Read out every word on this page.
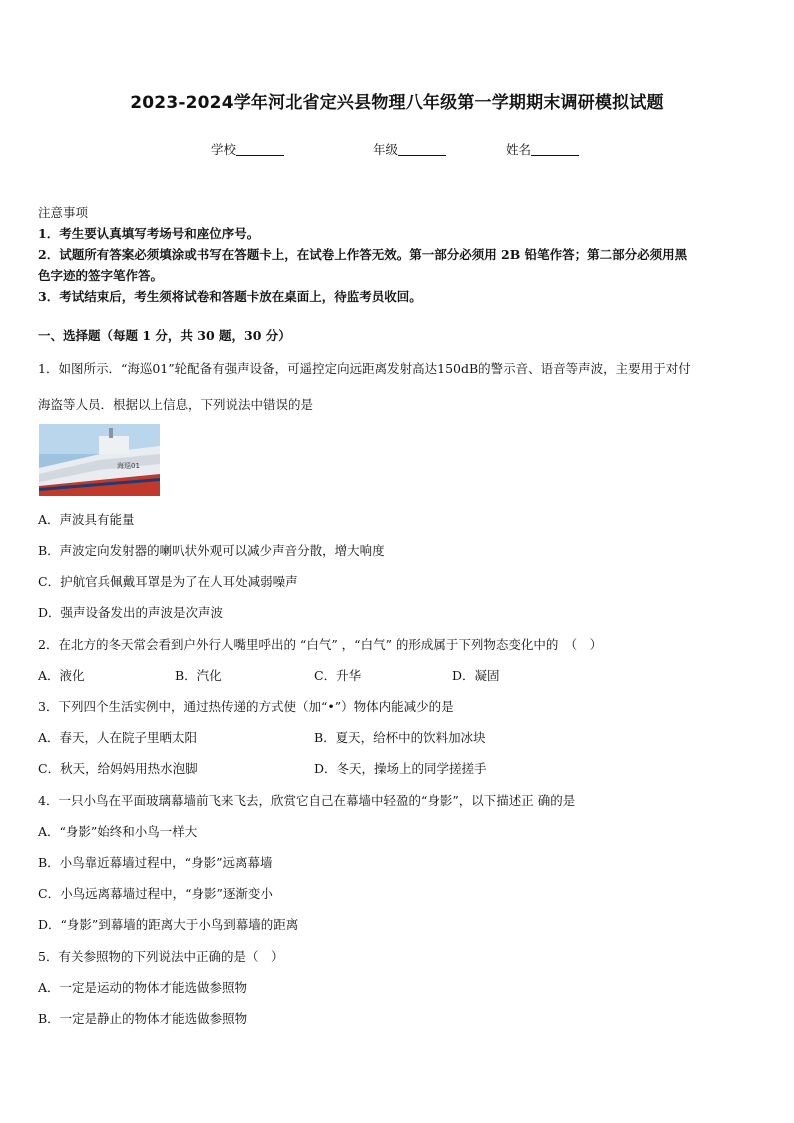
2023-2024学年河北省定兴县物理八年级第一学期期末调研模拟试题
学校	年级	姓名
注意事项
1．考生要认真填写考场号和座位序号。
2．试题所有答案必须填涂或书写在答题卡上，在试卷上作答无效。第一部分必须用 2B 铅笔作答；第二部分必须用黑
色字迹的签字笔作答。
3．考试结束后，考生须将试卷和答题卡放在桌面上，待监考员收回。
一、选择题（每题 1 分，共 30 题，30 分）
1．如图所示．“海巡01”轮配备有强声设备，可遥控定向远距离发射高达150dB的警示音、语音等声波，主要用于对付
海盗等人员．根据以上信息，下列说法中错误的是
海巡01
A．声波具有能量
B．声波定向发射器的喇叭状外观可以减少声音分散，增大响度
C．护航官兵佩戴耳罩是为了在人耳处减弱噪声
D．强声设备发出的声波是次声波
2．在北方的冬天常会看到户外行人嘴里呼出的 “白气” ，“白气” 的形成属于下列物态变化中的　（　）
A．液化	B．汽化	C．升华	D．凝固
3．下列四个生活实例中，通过热传递的方式使（加“•”）物体内能减少的是
A．春天，人在院子里晒太阳	B．夏天，给杯中的饮料加冰块
C．秋天，给妈妈用热水泡脚	D．冬天，操场上的同学搓搓手
4．一只小鸟在平面玻璃幕墙前飞来飞去，欣赏它自己在幕墙中轻盈的“身影”，以下描述正 确的是
A．“身影”始终和小鸟一样大
B．小鸟靠近幕墙过程中，“身影”远离幕墙
C．小鸟远离幕墙过程中，“身影”逐渐变小
D．“身影”到幕墙的距离大于小鸟到幕墙的距离
5．有关参照物的下列说法中正确的是（　）
A．一定是运动的物体才能选做参照物
B．一定是静止的物体才能选做参照物
